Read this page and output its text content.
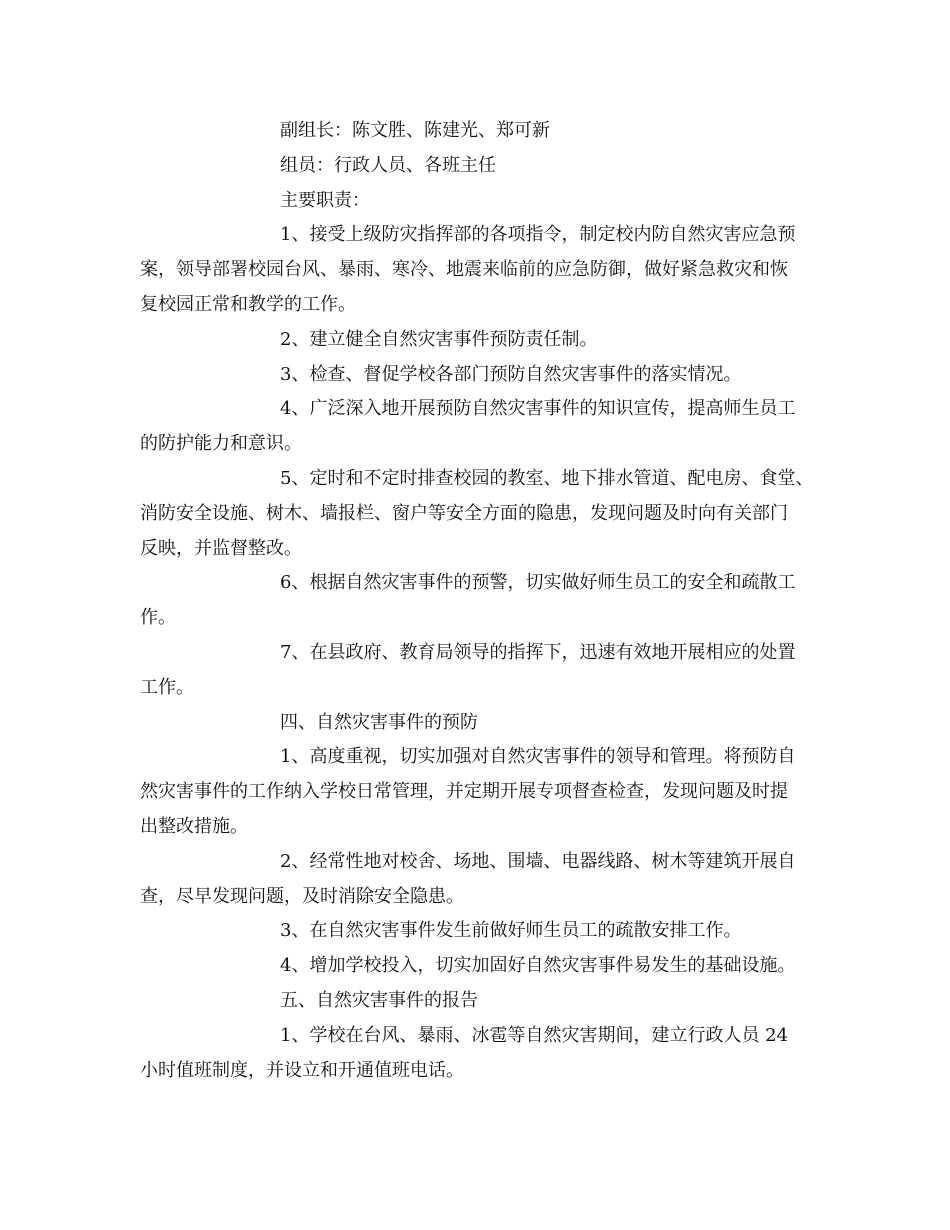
副组长：陈文胜、陈建光、郑可新
组员：行政人员、各班主任
主要职责：
1、接受上级防灾指挥部的各项指令，制定校内防自然灾害应急预
案，领导部署校园台风、暴雨、寒冷、地震来临前的应急防御，做好紧急救灾和恢
复校园正常和教学的工作。
2、建立健全自然灾害事件预防责任制。
3、检查、督促学校各部门预防自然灾害事件的落实情况。
4、广泛深入地开展预防自然灾害事件的知识宣传，提高师生员工
的防护能力和意识。
5、定时和不定时排查校园的教室、地下排水管道、配电房、食堂、
消防安全设施、树木、墙报栏、窗户等安全方面的隐患，发现问题及时向有关部门
反映，并监督整改。
6、根据自然灾害事件的预警，切实做好师生员工的安全和疏散工
作。
7、在县政府、教育局领导的指挥下，迅速有效地开展相应的处置
工作。
四、自然灾害事件的预防
1、高度重视，切实加强对自然灾害事件的领导和管理。将预防自
然灾害事件的工作纳入学校日常管理，并定期开展专项督查检查，发现问题及时提
出整改措施。
2、经常性地对校舍、场地、围墙、电器线路、树木等建筑开展自
查，尽早发现问题，及时消除安全隐患。
3、在自然灾害事件发生前做好师生员工的疏散安排工作。
4、增加学校投入，切实加固好自然灾害事件易发生的基础设施。
五、自然灾害事件的报告
1、学校在台风、暴雨、冰雹等自然灾害期间，建立行政人员 24
小时值班制度，并设立和开通值班电话。
